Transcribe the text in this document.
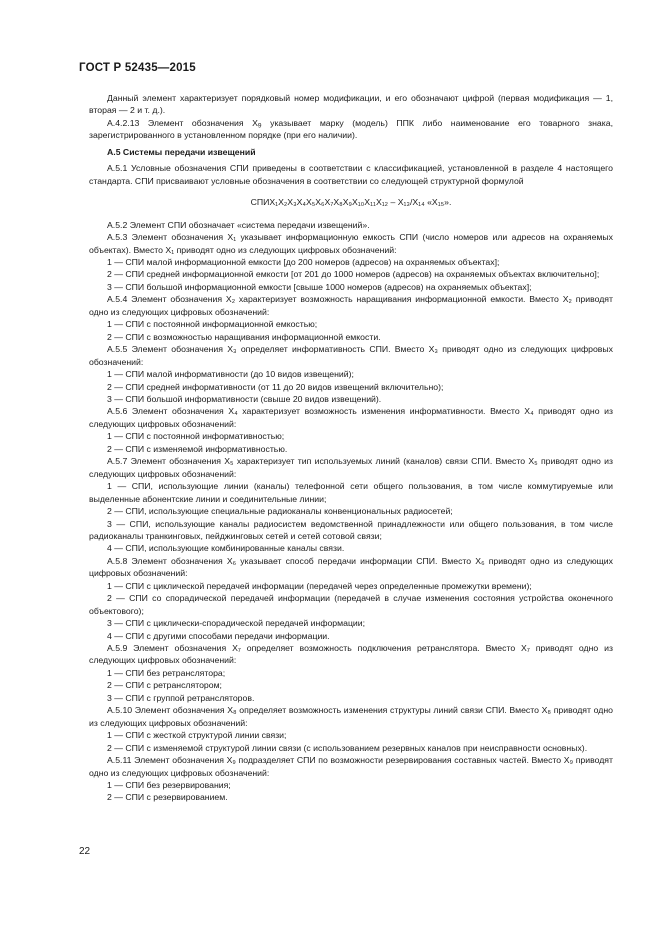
ГОСТ Р 52435—2015

Данный элемент характеризует порядковый номер модификации, и его обозначают цифрой (первая модификация — 1, вторая — 2 и т. д.).

А.4.2.13 Элемент обозначения $Х_9$ указывает марку (модель) ППК либо наименование его товарного знака, зарегистрированного в установленном порядке (при его наличии).

А.5 Системы передачи извещений

А.5.1 Условные обозначения СПИ приведены в соответствии с классификацией, установленной в разделе 4 настоящего стандарта. СПИ присваивают условные обозначения в соответствии со следующей структурной формулой

СПИХ₁Х₂Х₃Х₄Х₅Х₆Х₇Х₈Х₉Х₁₀Х₁₁Х₁₂ – Х₁₃/Х₁₄ «Х₁₅».

А.5.2 Элемент СПИ обозначает «система передачи извещений».

А.5.3 Элемент обозначения Х₁ указывает информационную емкость СПИ (число номеров или адресов на охраняемых объектах). Вместо Х₁ приводят одно из следующих цифровых обозначений:

1 — СПИ малой информационной емкости [до 200 номеров (адресов) на охраняемых объектах];

2 — СПИ средней информационной емкости [от 201 до 1000 номеров (адресов) на охраняемых объектах включительно];

3 — СПИ большой информационной емкости [свыше 1000 номеров (адресов) на охраняемых объектах];

А.5.4 Элемент обозначения Х₂ характеризует возможность наращивания информационной емкости. Вместо Х₂ приводят одно из следующих цифровых обозначений:

1 — СПИ с постоянной информационной емкостью;

2 — СПИ с возможностью наращивания информационной емкости.

А.5.5 Элемент обозначения Х₃ определяет информативность СПИ. Вместо Х₃ приводят одно из следующих цифровых обозначений:

1 — СПИ малой информативности (до 10 видов извещений);

2 — СПИ средней информативности (от 11 до 20 видов извещений включительно);

3 — СПИ большой информативности (свыше 20 видов извещений).

А.5.6 Элемент обозначения Х₄ характеризует возможность изменения информативности. Вместо Х₄ приводят одно из следующих цифровых обозначений:

1 — СПИ с постоянной информативностью;

2 — СПИ с изменяемой информативностью.

А.5.7 Элемент обозначения Х₅ характеризует тип используемых линий (каналов) связи СПИ. Вместо Х₅ приводят одно из следующих цифровых обозначений:

1 — СПИ, использующие линии (каналы) телефонной сети общего пользования, в том числе коммутируемые или выделенные абонентские линии и соединительные линии;

2 — СПИ, использующие специальные радиоканалы конвенциональных радиосетей;

3 — СПИ, использующие каналы радиосистем ведомственной принадлежности или общего пользования, в том числе радиоканалы транкинговых, пейджинговых сетей и сетей сотовой связи;

4 — СПИ, использующие комбинированные каналы связи.

А.5.8 Элемент обозначения Х₆ указывает способ передачи информации СПИ. Вместо Х₆ приводят одно из следующих цифровых обозначений:

1 — СПИ с циклической передачей информации (передачей через определенные промежутки времени);

2 — СПИ со спорадической передачей информации (передачей в случае изменения состояния устройства оконечного объектового);

3 — СПИ с циклически-спорадической передачей информации;

4 — СПИ с другими способами передачи информации.

А.5.9 Элемент обозначения Х₇ определяет возможность подключения ретранслятора. Вместо Х₇ приводят одно из следующих цифровых обозначений:

1 — СПИ без ретранслятора;

2 — СПИ с ретранслятором;

3 — СПИ с группой ретрансляторов.

А.5.10 Элемент обозначения Х₈ определяет возможность изменения структуры линий связи СПИ. Вместо Х₈ приводят одно из следующих цифровых обозначений:

1 — СПИ с жесткой структурой линии связи;

2 — СПИ с изменяемой структурой линии связи (с использованием резервных каналов при неисправности основных).

А.5.11 Элемент обозначения Х₉ подразделяет СПИ по возможности резервирования составных частей. Вместо Х₉ приводят одно из следующих цифровых обозначений:

1 — СПИ без резервирования;

2 — СПИ с резервированием.

22
